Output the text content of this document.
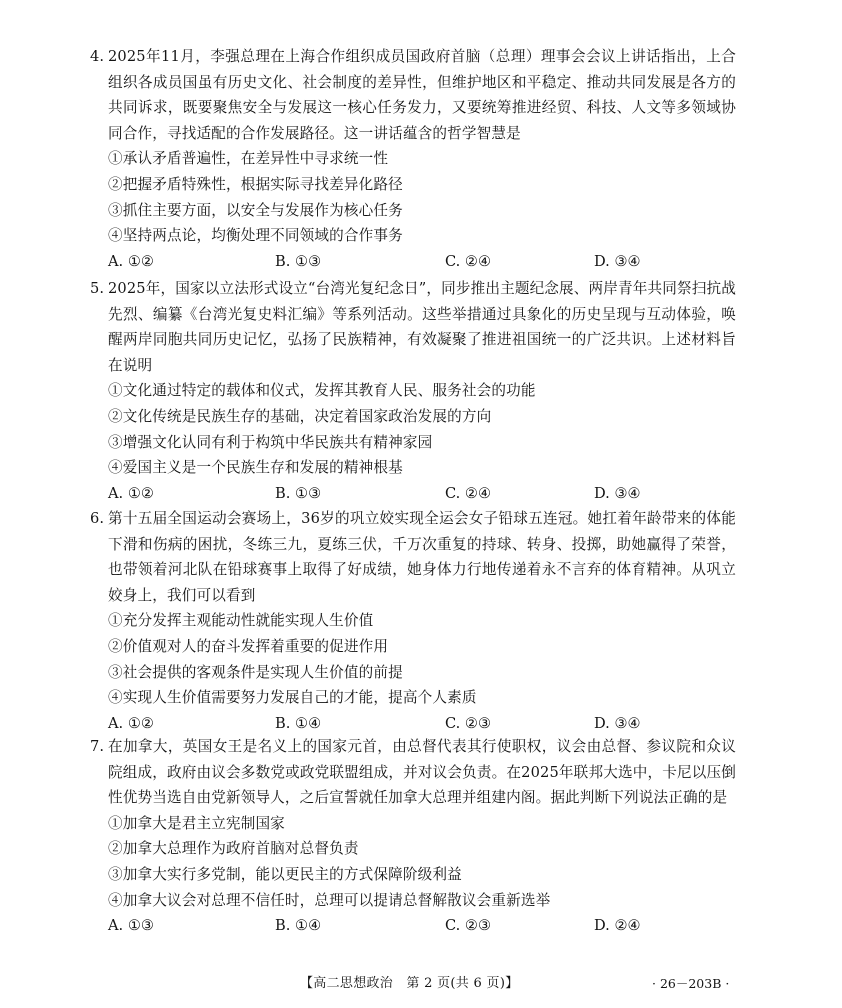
4. 2025年11月，李强总理在上海合作组织成员国政府首脑（总理）理事会会议上讲话指出，上合组织各成员国虽有历史文化、社会制度的差异性，但维护地区和平稳定、推动共同发展是各方的共同诉求，既要聚焦安全与发展这一核心任务发力，又要统筹推进经贸、科技、人文等多领域协同合作，寻找适配的合作发展路径。这一讲话蕴含的哲学智慧是
①承认矛盾普遍性，在差异性中寻求统一性
②把握矛盾特殊性，根据实际寻找差异化路径
③抓住主要方面，以安全与发展作为核心任务
④坚持两点论，均衡处理不同领域的合作事务
A. ①②	B. ①③	C. ②④	D. ③④
5. 2025年，国家以立法形式设立“台湾光复纪念日”，同步推出主题纪念展、两岸青年共同祭扫抗战先烈、编纂《台湾光复史料汇编》等系列活动。这些举措通过具象化的历史呈现与互动体验，唤醒两岸同胞共同历史记忆，弘扬了民族精神，有效凝聚了推进祖国统一的广泛共识。上述材料旨在说明
①文化通过特定的载体和仪式，发挥其教育人民、服务社会的功能
②文化传统是民族生存的基础，决定着国家政治发展的方向
③增强文化认同有利于构筑中华民族共有精神家园
④爱国主义是一个民族生存和发展的精神根基
A. ①②	B. ①③	C. ②④	D. ③④
6. 第十五届全国运动会赛场上，36岁的巩立姣实现全运会女子铅球五连冠。她扛着年龄带来的体能下滑和伤病的困扰，冬练三九，夏练三伏，千万次重复的持球、转身、投掷，助她赢得了荣誉，也带领着河北队在铅球赛事上取得了好成绩，她身体力行地传递着永不言弃的体育精神。从巩立姣身上，我们可以看到
①充分发挥主观能动性就能实现人生价值
②价值观对人的奋斗发挥着重要的促进作用
③社会提供的客观条件是实现人生价值的前提
④实现人生价值需要努力发展自己的才能，提高个人素质
A. ①②	B. ①④	C. ②③	D. ③④
7. 在加拿大，英国女王是名义上的国家元首，由总督代表其行使职权，议会由总督、参议院和众议院组成，政府由议会多数党或政党联盟组成，并对议会负责。在2025年联邦大选中，卡尼以压倒性优势当选自由党新领导人，之后宣誓就任加拿大总理并组建内阁。据此判断下列说法正确的是
①加拿大是君主立宪制国家
②加拿大总理作为政府首脑对总督负责
③加拿大实行多党制，能以更民主的方式保障阶级利益
④加拿大议会对总理不信任时，总理可以提请总督解散议会重新选举
A. ①③	B. ①④	C. ②③	D. ②④
【高二思想政治　第 2 页(共 6 页)】	· 26－203B ·
